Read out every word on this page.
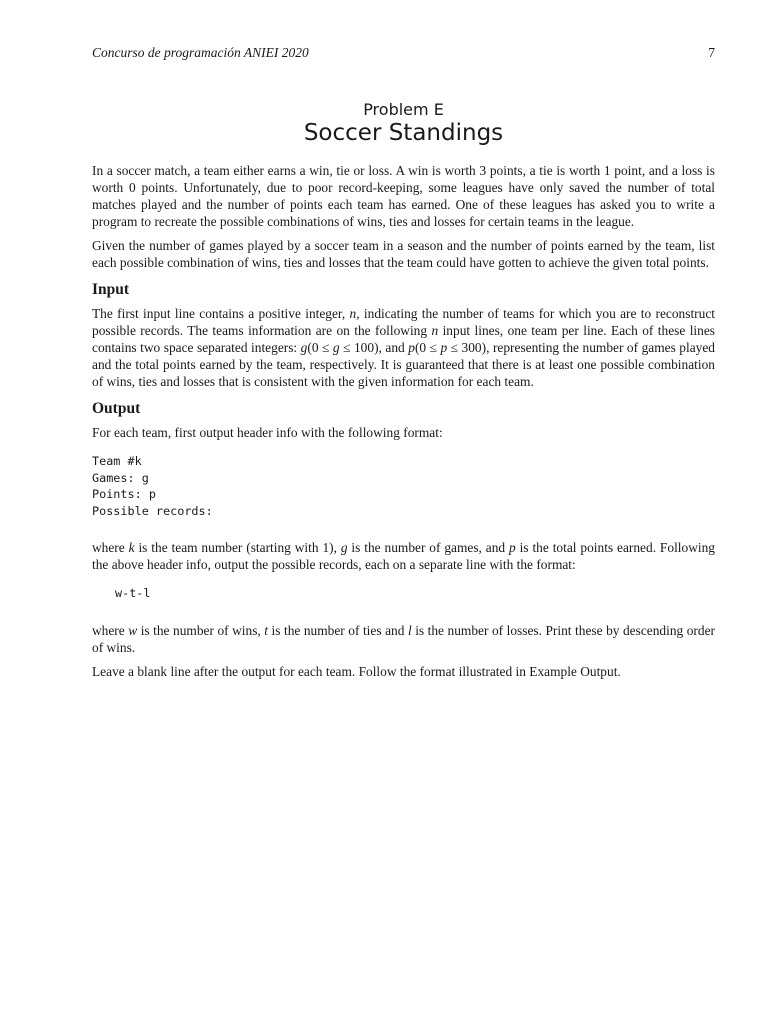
Concurso de programación ANIEI 2020	7
Problem E
Soccer Standings

In a soccer match, a team either earns a win, tie or loss. A win is worth 3 points, a tie is worth 1 point, and a loss is worth 0 points. Unfortunately, due to poor record-keeping, some leagues have only saved the number of total matches played and the number of points each team has earned. One of these leagues has asked you to write a program to recreate the possible combinations of wins, ties and losses for certain teams in the league.

Given the number of games played by a soccer team in a season and the number of points earned by the team, list each possible combination of wins, ties and losses that the team could have gotten to achieve the given total points.

Input

The first input line contains a positive integer, n, indicating the number of teams for which you are to reconstruct possible records. The teams information are on the following n input lines, one team per line. Each of these lines contains two space separated integers: g(0 ≤ g ≤ 100), and p(0 ≤ p ≤ 300), representing the number of games played and the total points earned by the team, respectively. It is guaranteed that there is at least one possible combination of wins, ties and losses that is consistent with the given information for each team.

Output

For each team, first output header info with the following format:

Team #k
Games: g
Points: p
Possible records:

where k is the team number (starting with 1), g is the number of games, and p is the total points earned. Following the above header info, output the possible records, each on a separate line with the format:

w-t-l

where w is the number of wins, t is the number of ties and l is the number of losses. Print these by descending order of wins.

Leave a blank line after the output for each team. Follow the format illustrated in Example Output.
